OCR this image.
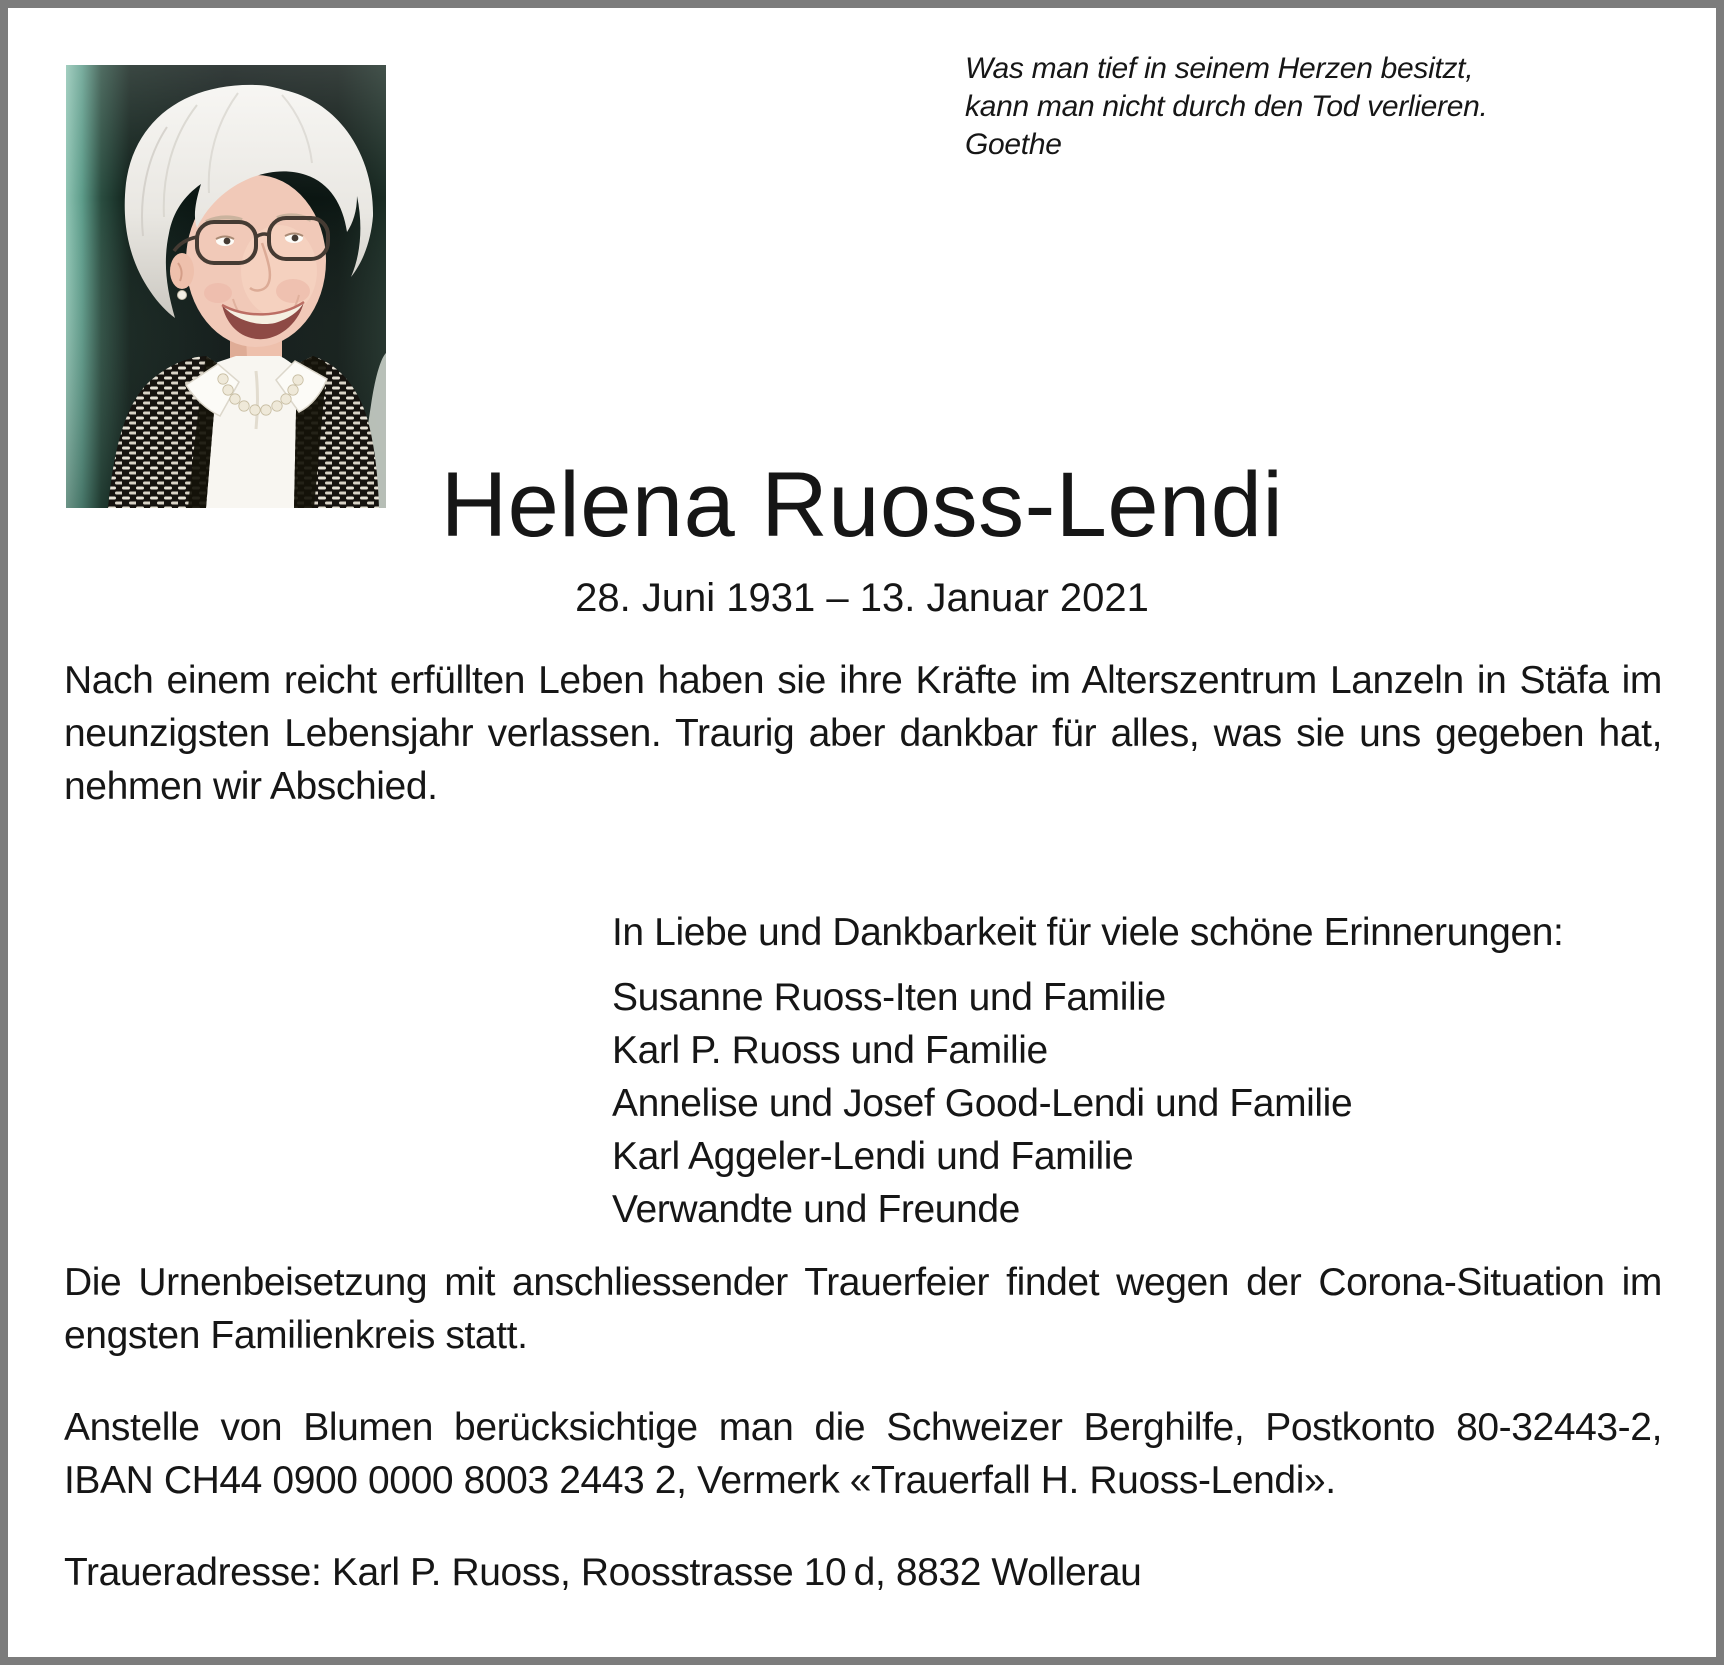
Was man tief in seinem Herzen besitzt,
kann man nicht durch den Tod verlieren.
Goethe
Helena Ruoss-Lendi
28. Juni 1931 – 13. Januar 2021

Nach einem reicht erfüllten Leben haben sie ihre Kräfte im Alterszentrum Lanzeln in Stäfa im neunzigsten Lebensjahr verlassen. Traurig aber dankbar für alles, was sie uns gegeben hat, nehmen wir Abschied.

In Liebe und Dankbarkeit für viele schöne Erinnerungen:
Susanne Ruoss-Iten und Familie
Karl P. Ruoss und Familie
Annelise und Josef Good-Lendi und Familie
Karl Aggeler-Lendi und Familie
Verwandte und Freunde

Die Urnenbeisetzung mit anschliessender Trauerfeier findet wegen der Corona-Situation im engsten Familienkreis statt.

Anstelle von Blumen berücksichtige man die Schweizer Berghilfe, Postkonto 80-32443-2, IBAN CH44 0900 0000 8003 2443 2, Vermerk «Trauerfall H. Ruoss-Lendi».

Traueradresse: Karl P. Ruoss, Roosstrasse 10 d, 8832 Wollerau
